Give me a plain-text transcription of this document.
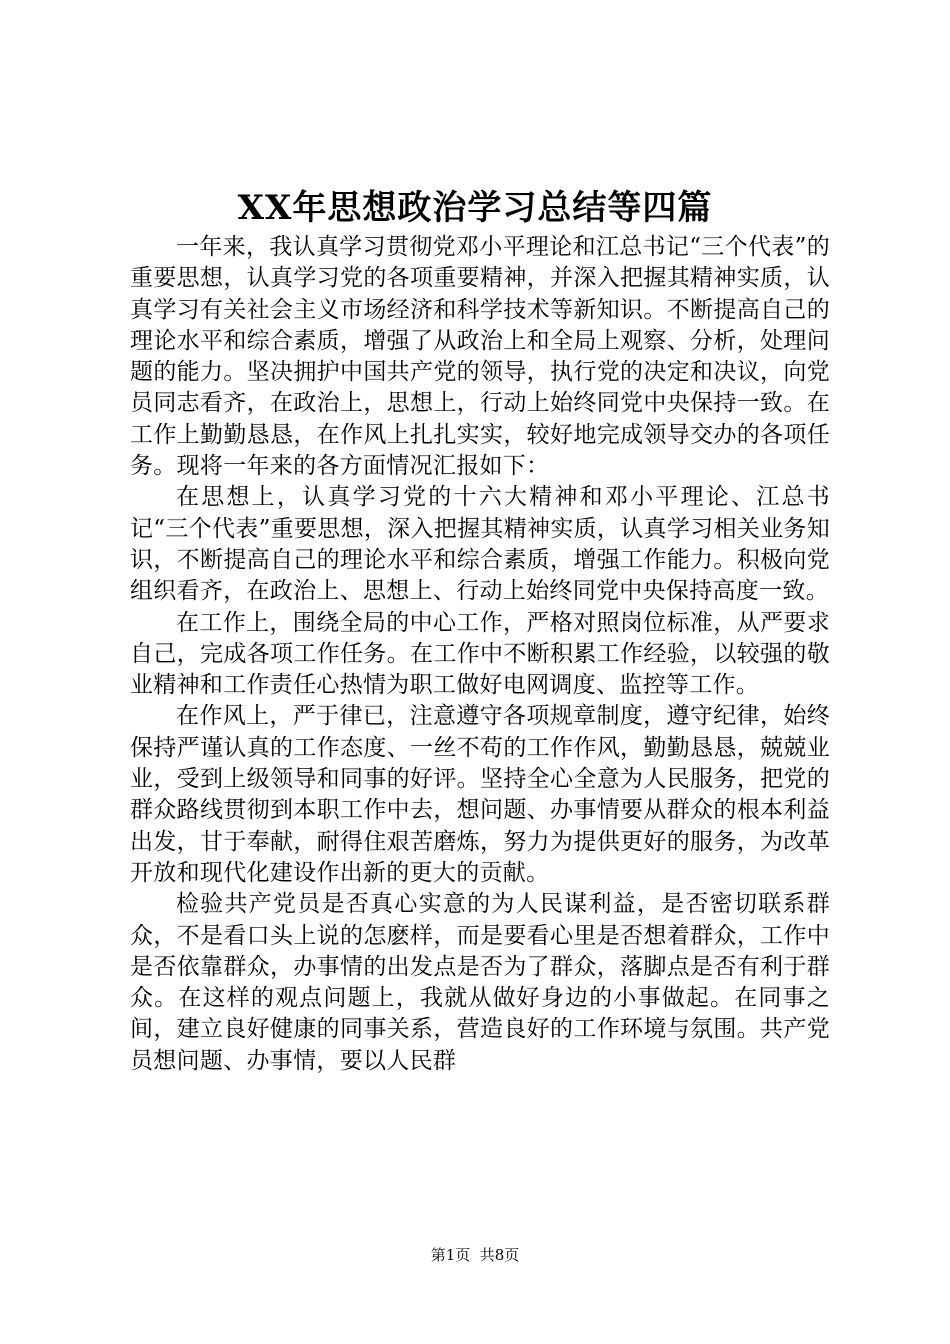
XX年思想政治学习总结等四篇

一年来，我认真学习贯彻党邓小平理论和江总书记“三个代表”的重要思想，认真学习党的各项重要精神，并深入把握其精神实质，认真学习有关社会主义市场经济和科学技术等新知识。不断提高自己的理论水平和综合素质，增强了从政治上和全局上观察、分析，处理问题的能力。坚决拥护中国共产党的领导，执行党的决定和决议，向党员同志看齐，在政治上，思想上，行动上始终同党中央保持一致。在工作上勤勤恳恳，在作风上扎扎实实，较好地完成领导交办的各项任务。现将一年来的各方面情况汇报如下：

在思想上，认真学习党的十六大精神和邓小平理论、江总书记“三个代表”重要思想，深入把握其精神实质，认真学习相关业务知识，不断提高自己的理论水平和综合素质，增强工作能力。积极向党组织看齐，在政治上、思想上、行动上始终同党中央保持高度一致。

在工作上，围绕全局的中心工作，严格对照岗位标准，从严要求自己，完成各项工作任务。在工作中不断积累工作经验，以较强的敬业精神和工作责任心热情为职工做好电网调度、监控等工作。

在作风上，严于律已，注意遵守各项规章制度，遵守纪律，始终保持严谨认真的工作态度、一丝不苟的工作作风，勤勤恳恳，兢兢业业，受到上级领导和同事的好评。坚持全心全意为人民服务，把党的群众路线贯彻到本职工作中去，想问题、办事情要从群众的根本利益出发，甘于奉献，耐得住艰苦磨炼，努力为提供更好的服务，为改革开放和现代化建设作出新的更大的贡献。

检验共产党员是否真心实意的为人民谋利益，是否密切联系群众，不是看口头上说的怎麽样，而是要看心里是否想着群众，工作中是否依靠群众，办事情的出发点是否为了群众，落脚点是否有利于群众。在这样的观点问题上，我就从做好身边的小事做起。在同事之间，建立良好健康的同事关系，营造良好的工作环境与氛围。共产党员想问题、办事情，要以人民群

第1页  共8页
